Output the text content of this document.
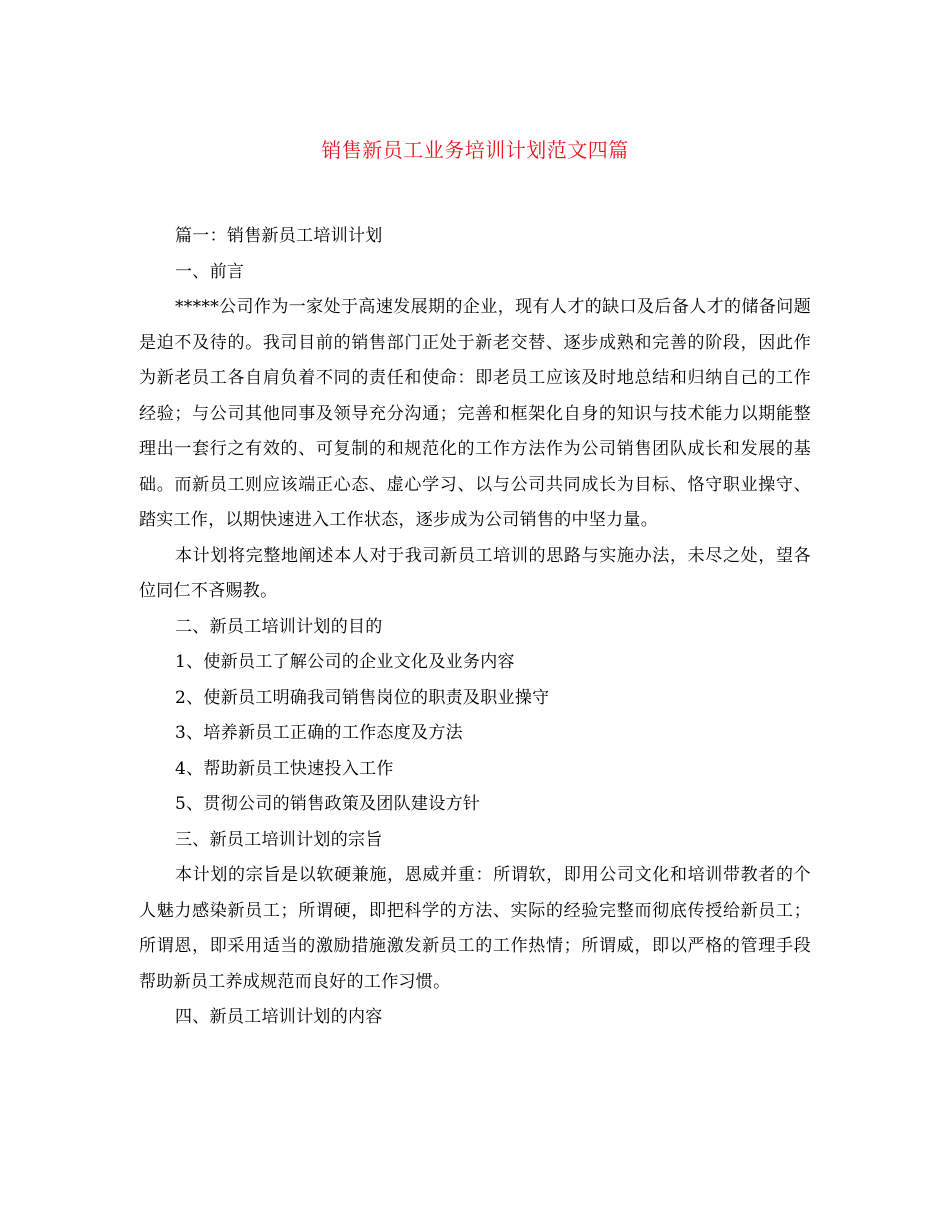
销售新员工业务培训计划范文四篇

篇一：销售新员工培训计划

一、前言

*****公司作为一家处于高速发展期的企业，现有人才的缺口及后备人才的储备问题是迫不及待的。我司目前的销售部门正处于新老交替、逐步成熟和完善的阶段，因此作为新老员工各自肩负着不同的责任和使命：即老员工应该及时地总结和归纳自己的工作经验；与公司其他同事及领导充分沟通；完善和框架化自身的知识与技术能力以期能整理出一套行之有效的、可复制的和规范化的工作方法作为公司销售团队成长和发展的基础。而新员工则应该端正心态、虚心学习、以与公司共同成长为目标、恪守职业操守、踏实工作，以期快速进入工作状态，逐步成为公司销售的中坚力量。

本计划将完整地阐述本人对于我司新员工培训的思路与实施办法，未尽之处，望各位同仁不吝赐教。

二、新员工培训计划的目的

1、使新员工了解公司的企业文化及业务内容

2、使新员工明确我司销售岗位的职责及职业操守

3、培养新员工正确的工作态度及方法

4、帮助新员工快速投入工作

5、贯彻公司的销售政策及团队建设方针

三、新员工培训计划的宗旨

本计划的宗旨是以软硬兼施，恩威并重：所谓软，即用公司文化和培训带教者的个人魅力感染新员工；所谓硬，即把科学的方法、实际的经验完整而彻底传授给新员工；所谓恩，即采用适当的激励措施激发新员工的工作热情；所谓威，即以严格的管理手段帮助新员工养成规范而良好的工作习惯。

四、新员工培训计划的内容
